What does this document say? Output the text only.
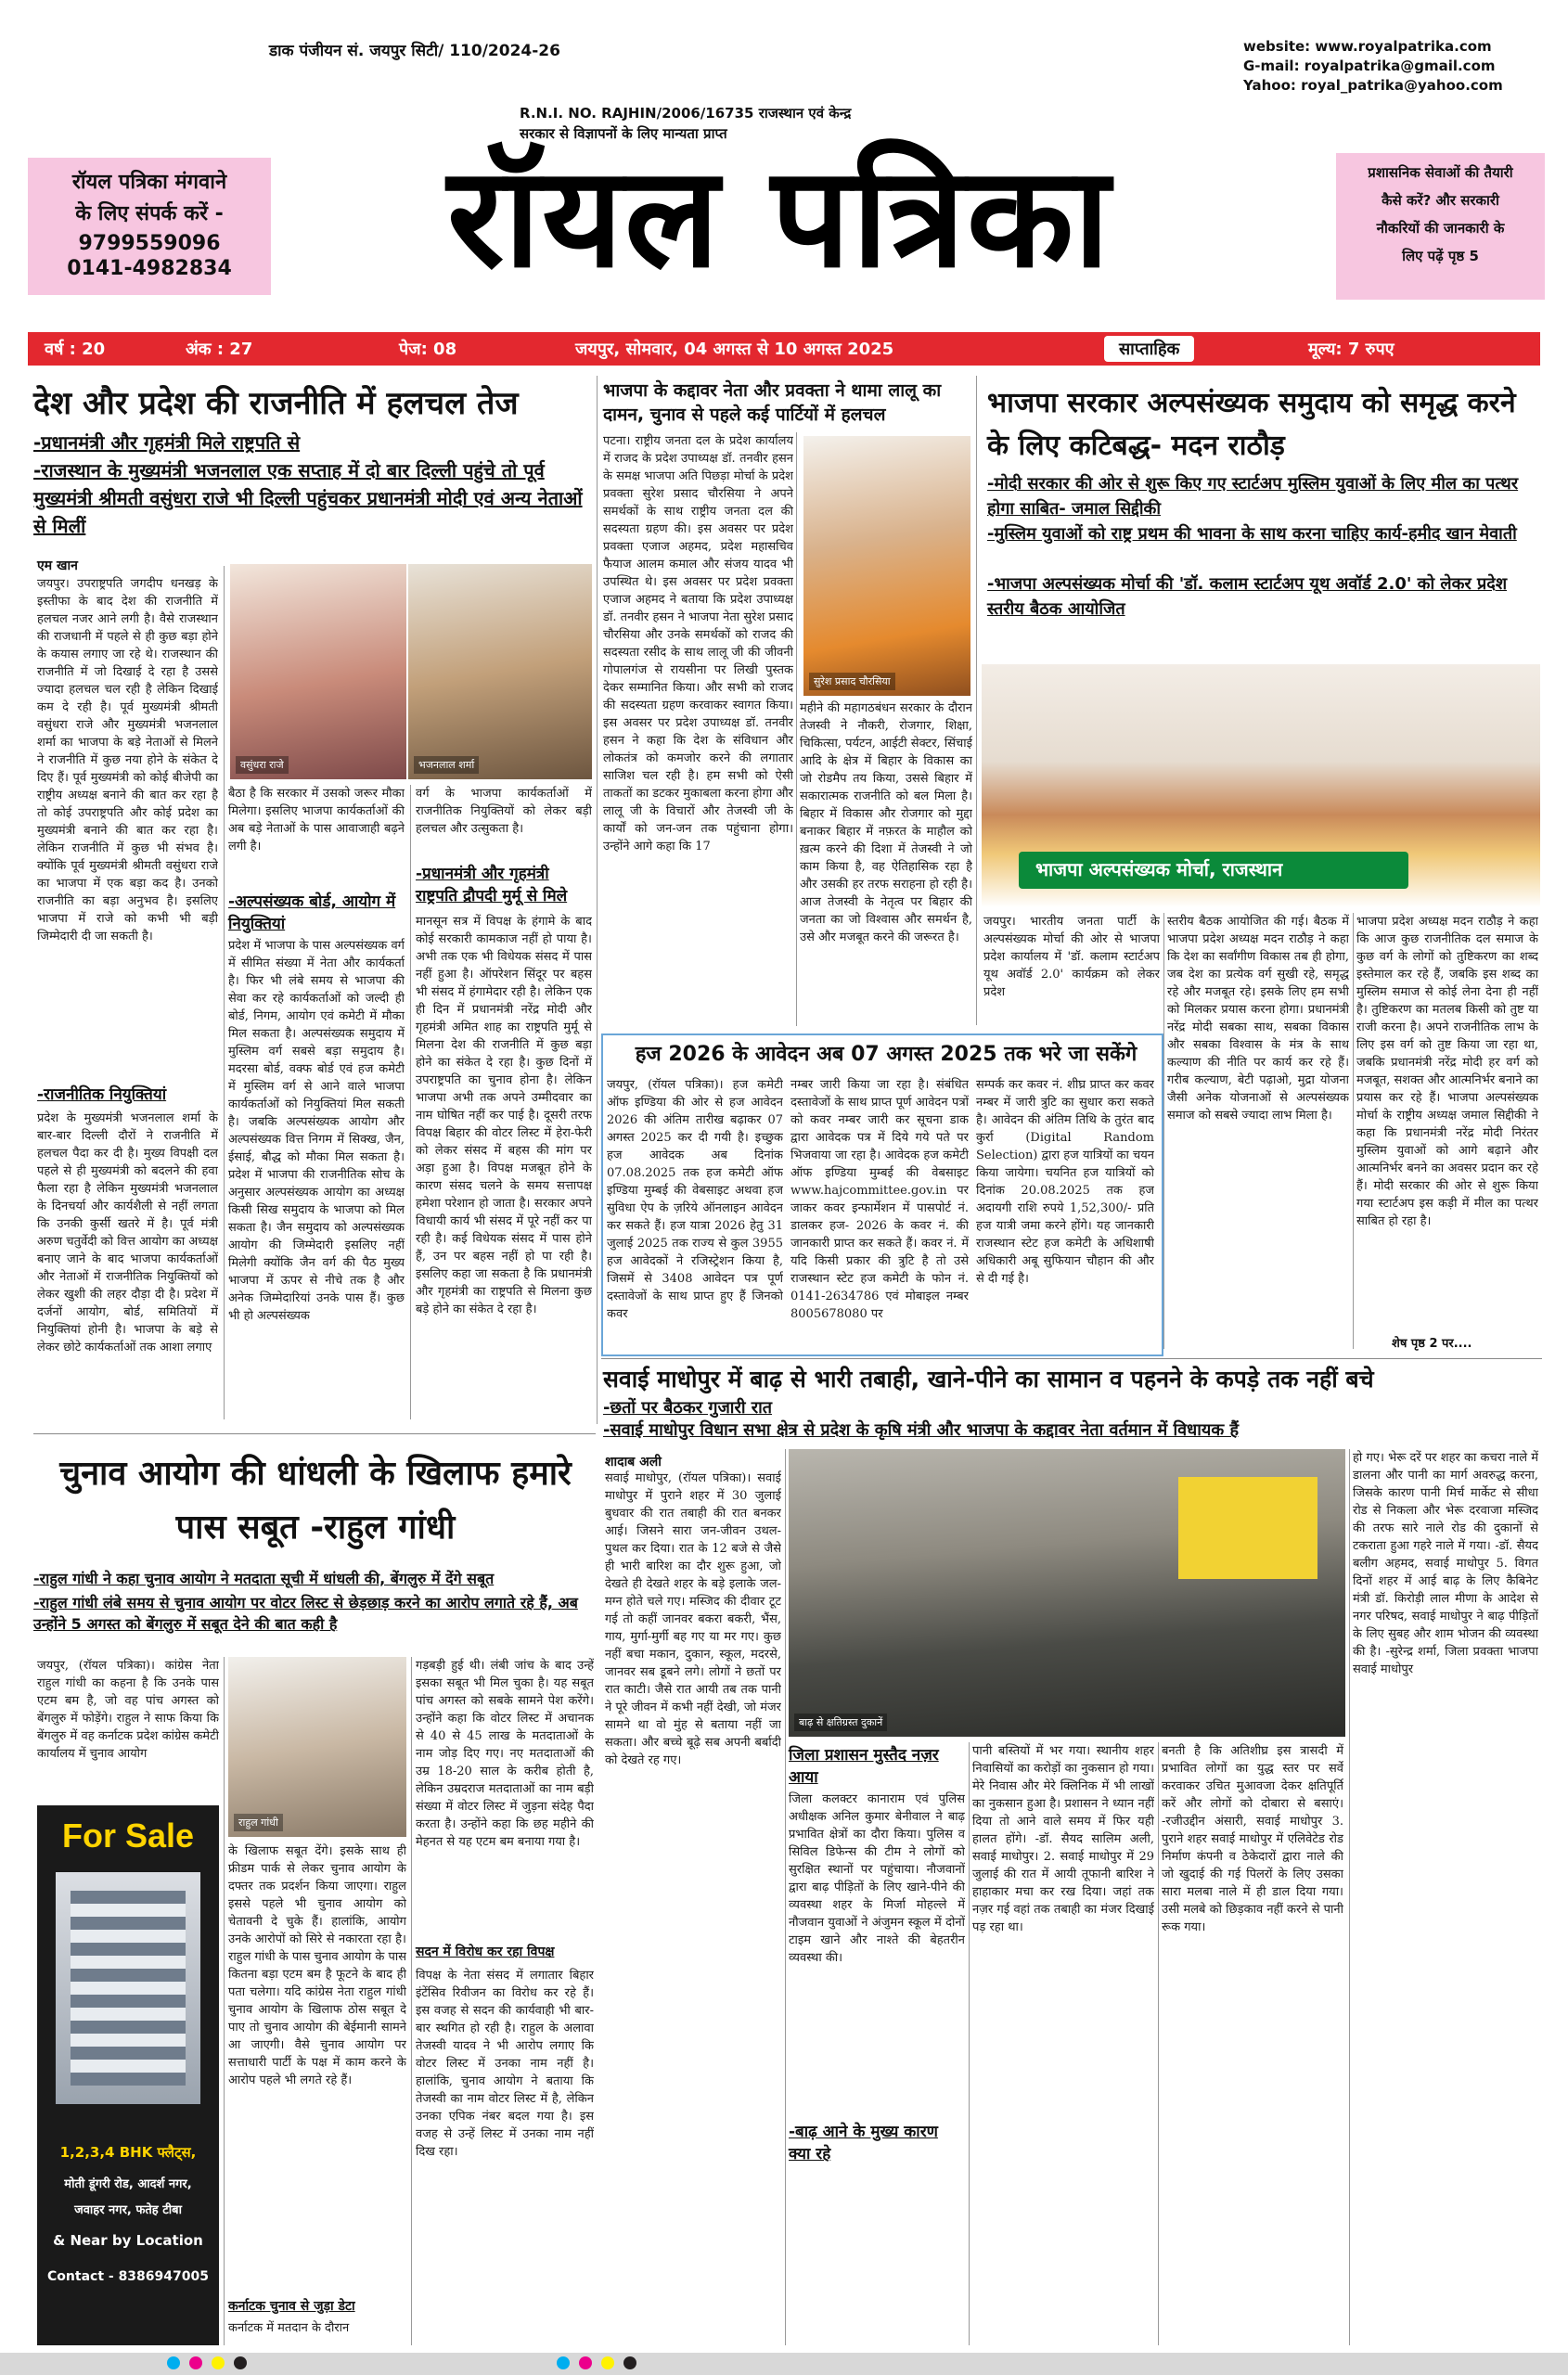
डाक पंजीयन सं. जयपुर सिटी/ 110/2024-26	website: www.royalpatrika.com
G-mail: royalpatrika@gmail.com
Yahoo: royal_patrika@yahoo.com
R.N.I. NO. RAJHIN/2006/16735 राजस्थान एवं केन्द्र
सरकार से विज्ञापनों के लिए मान्यता प्राप्त
रॉयल पत्रिका मंगवाने
के लिए संपर्क करें -
9799559096
0141-4982834	रॉयल पत्रिका	प्रशासनिक सेवाओं की तैयारी
कैसे करें? और सरकारी
नौकरियों की जानकारी के
लिए पढ़ें पृष्ठ 5
वर्ष : 20	अंक : 27	पेज: 08	जयपुर, सोमवार, 04 अगस्त से 10 अगस्त 2025	साप्ताहिक	मूल्य: 7 रुपए
देश और प्रदेश की राजनीति में हलचल तेज
-प्रधानमंत्री और गृहमंत्री मिले राष्ट्रपति से
-राजस्थान के मुख्यमंत्री भजनलाल एक सप्ताह में दो बार दिल्ली पहुंचे तो पूर्व मुख्यमंत्री श्रीमती वसुंधरा राजे भी दिल्ली पहुंचकर प्रधानमंत्री मोदी एवं अन्य नेताओं से मिलीं
एम खान
जयपुर। उपराष्ट्रपति जगदीप धनखड़ के इस्तीफा के बाद देश की राजनीति में हलचल नजर आने लगी है। वैसे राजस्थान की राजधानी में पहले से ही कुछ बड़ा होने के कयास लगाए जा रहे थे। राजस्थान की राजनीति में जो दिखाई दे रहा है उससे ज्यादा हलचल चल रही है लेकिन दिखाई कम दे रही है। पूर्व मुख्यमंत्री श्रीमती वसुंधरा राजे और मुख्यमंत्री भजनलाल शर्मा का भाजपा के बड़े नेताओं से मिलने ने राजनीति में कुछ नया होने के संकेत दे दिए हैं। पूर्व मुख्यमंत्री को कोई बीजेपी का राष्ट्रीय अध्यक्ष बनाने की बात कर रहा है तो कोई उपराष्ट्रपति और कोई प्रदेश का मुख्यमंत्री बनाने की बात कर रहा है। लेकिन राजनीति में कुछ भी संभव है। क्योंकि पूर्व मुख्यमंत्री श्रीमती वसुंधरा राजे का भाजपा में एक बड़ा कद है। उनको राजनीति का बड़ा अनुभव है। इसलिए भाजपा में राजे को कभी भी बड़ी जिम्मेदारी दी जा सकती है।
-राजनीतिक नियुक्तियां
प्रदेश के मुख्यमंत्री भजनलाल शर्मा के बार-बार दिल्ली दौरों ने राजनीति में हलचल पैदा कर दी है। मुख्य विपक्षी दल पहले से ही मुख्यमंत्री को बदलने की हवा फैला रहा है लेकिन मुख्यमंत्री भजनलाल के दिनचर्या और कार्यशैली से नहीं लगता कि उनकी कुर्सी खतरे में है। पूर्व मंत्री अरुण चतुर्वेदी को वित्त आयोग का अध्यक्ष बनाए जाने के बाद भाजपा कार्यकर्ताओं और नेताओं में राजनीतिक नियुक्तियों को लेकर खुशी की लहर दौड़ा दी है। प्रदेश में दर्जनों आयोग, बोर्ड, समितियों में नियुक्तियां होनी है। भाजपा के बड़े से लेकर छोटे कार्यकर्ताओं तक आशा लगाए
वसुंधरा राजे	भजनलाल शर्मा
बैठा है कि सरकार में उसको जरूर मौका मिलेगा। इसलिए भाजपा कार्यकर्ताओं की अब बड़े नेताओं के पास आवाजाही बढ़ने लगी है।
-अल्पसंख्यक बोर्ड, आयोग में नियुक्तियां
प्रदेश में भाजपा के पास अल्पसंख्यक वर्ग में सीमित संख्या में नेता और कार्यकर्ता है। फिर भी लंबे समय से भाजपा की सेवा कर रहे कार्यकर्ताओं को जल्दी ही बोर्ड, निगम, आयोग एवं कमेटी में मौका मिल सकता है। अल्पसंख्यक समुदाय में मुस्लिम वर्ग सबसे बड़ा समुदाय है। मदरसा बोर्ड, वक्फ बोर्ड एवं हज कमेटी में मुस्लिम वर्ग से आने वाले भाजपा कार्यकर्ताओं को नियुक्तियां मिल सकती है। जबकि अल्पसंख्यक आयोग और अल्पसंख्यक वित्त निगम में सिक्ख, जैन, ईसाई, बौद्ध को मौका मिल सकता है। प्रदेश में भाजपा की राजनीतिक सोच के अनुसार अल्पसंख्यक आयोग का अध्यक्ष किसी सिख समुदाय के भाजपा को मिल सकता है। जैन समुदाय को अल्पसंख्यक आयोग की जिम्मेदारी इसलिए नहीं मिलेगी क्योंकि जैन वर्ग की पैठ मुख्य भाजपा में ऊपर से नीचे तक है और अनेक जिम्मेदारियां उनके पास हैं। कुछ भी हो अल्पसंख्यक
वर्ग के भाजपा कार्यकर्ताओं में राजनीतिक नियुक्तियों को लेकर बड़ी हलचल और उत्सुकता है।
-प्रधानमंत्री और गृहमंत्री राष्ट्रपति द्रौपदी मुर्मू से मिले
मानसून सत्र में विपक्ष के हंगामे के बाद कोई सरकारी कामकाज नहीं हो पाया है। अभी तक एक भी विधेयक संसद में पास नहीं हुआ है। ऑपरेशन सिंदूर पर बहस भी संसद में हंगामेदार रही है। लेकिन एक ही दिन में प्रधानमंत्री नरेंद्र मोदी और गृहमंत्री अमित शाह का राष्ट्रपति मुर्मू से मिलना देश की राजनीति में कुछ बड़ा होने का संकेत दे रहा है। कुछ दिनों में उपराष्ट्रपति का चुनाव होना है। लेकिन भाजपा अभी तक अपने उम्मीदवार का नाम घोषित नहीं कर पाई है। दूसरी तरफ विपक्ष बिहार की वोटर लिस्ट में हेरा-फेरी को लेकर संसद में बहस की मांग पर अड़ा हुआ है। विपक्ष मजबूत होने के कारण संसद चलने के समय सत्तापक्ष हमेशा परेशान हो जाता है। सरकार अपने विधायी कार्य भी संसद में पूरे नहीं कर पा रही है। कई विधेयक संसद में पास होने हैं, उन पर बहस नहीं हो पा रही है। इसलिए कहा जा सकता है कि प्रधानमंत्री और गृहमंत्री का राष्ट्रपति से मिलना कुछ बड़े होने का संकेत दे रहा है।
भाजपा के कद्दावर नेता और प्रवक्ता ने थामा लालू का दामन, चुनाव से पहले कई पार्टियों में हलचल
पटना। राष्ट्रीय जनता दल के प्रदेश कार्यालय में राजद के प्रदेश उपाध्यक्ष डॉ. तनवीर हसन के समक्ष भाजपा अति पिछड़ा मोर्चा के प्रदेश प्रवक्ता सुरेश प्रसाद चौरसिया ने अपने समर्थकों के साथ राष्ट्रीय जनता दल की सदस्यता ग्रहण की। इस अवसर पर प्रदेश प्रवक्ता एजाज अहमद, प्रदेश महासचिव फैयाज आलम कमाल और संजय यादव भी उपस्थित थे। इस अवसर पर प्रदेश प्रवक्ता एजाज अहमद ने बताया कि प्रदेश उपाध्यक्ष डॉ. तनवीर हसन ने भाजपा नेता सुरेश प्रसाद चौरसिया और उनके समर्थकों को राजद की सदस्यता रसीद के साथ लालू जी की जीवनी गोपालगंज से रायसीना पर लिखी पुस्तक देकर सम्मानित किया। और सभी को राजद की सदस्यता ग्रहण करवाकर स्वागत किया। इस अवसर पर प्रदेश उपाध्यक्ष डॉ. तनवीर हसन ने कहा कि देश के संविधान और लोकतंत्र को कमजोर करने की लगातार साजिश चल रही है। हम सभी को ऐसी ताकतों का डटकर मुकाबला करना होगा और लालू जी के विचारों और तेजस्वी जी के कार्यों को जन-जन तक पहुंचाना होगा। उन्होंने आगे कहा कि 17
सुरेश प्रसाद चौरसिया
महीने की महागठबंधन सरकार के दौरान तेजस्वी ने नौकरी, रोजगार, शिक्षा, चिकित्सा, पर्यटन, आईटी सेक्टर, सिंचाई आदि के क्षेत्र में बिहार के विकास का जो रोडमैप तय किया, उससे बिहार में सकारात्मक राजनीति को बल मिला है। बिहार में विकास और रोजगार को मुद्दा बनाकर बिहार में नफ़रत के माहौल को ख़त्म करने की दिशा में तेजस्वी ने जो काम किया है, वह ऐतिहासिक रहा है और उसकी हर तरफ सराहना हो रही है। आज तेजस्वी के नेतृत्व पर बिहार की जनता का जो विश्वास और समर्थन है, उसे और मजबूत करने की जरूरत है।
भाजपा सरकार अल्पसंख्यक समुदाय को समृद्ध करने के लिए कटिबद्ध- मदन राठौड़
-मोदी सरकार की ओर से शुरू किए गए स्टार्टअप मुस्लिम युवाओं के लिए मील का पत्थर होगा साबित- जमाल सिद्दीकी
-मुस्लिम युवाओं को राष्ट्र प्रथम की भावना के साथ करना चाहिए कार्य-हमीद खान मेवाती
-भाजपा अल्पसंख्यक मोर्चा की 'डॉ. कलाम स्टार्टअप यूथ अवॉर्ड 2.0' को लेकर प्रदेश स्तरीय बैठक आयोजित
भाजपा अल्पसंख्यक मोर्चा, राजस्थान
जयपुर। भारतीय जनता पार्टी के अल्पसंख्यक मोर्चा की ओर से भाजपा प्रदेश कार्यालय में 'डॉ. कलाम स्टार्टअप यूथ अवॉर्ड 2.0' कार्यक्रम को लेकर प्रदेश
स्तरीय बैठक आयोजित की गई। बैठक में भाजपा प्रदेश अध्यक्ष मदन राठौड़ ने कहा कि देश का सर्वांगीण विकास तब ही होगा, जब देश का प्रत्येक वर्ग सुखी रहे, समृद्ध रहे और मजबूत रहे। इसके लिए हम सभी को मिलकर प्रयास करना होगा। प्रधानमंत्री नरेंद्र मोदी सबका साथ, सबका विकास और सबका विश्वास के मंत्र के साथ कल्याण की नीति पर कार्य कर रहे हैं। गरीब कल्याण, बेटी पढ़ाओ, मुद्रा योजना जैसी अनेक योजनाओं से अल्पसंख्यक समाज को सबसे ज्यादा लाभ मिला है।
भाजपा प्रदेश अध्यक्ष मदन राठौड़ ने कहा कि आज कुछ राजनीतिक दल समाज के कुछ वर्ग के लोगों को तुष्टिकरण का शब्द इस्तेमाल कर रहे हैं, जबकि इस शब्द का मुस्लिम समाज से कोई लेना देना ही नहीं है। तुष्टिकरण का मतलब किसी को तुष्ट या राजी करना है। अपने राजनीतिक लाभ के लिए इस वर्ग को तुष्ट किया जा रहा था, जबकि प्रधानमंत्री नरेंद्र मोदी हर वर्ग को मजबूत, सशक्त और आत्मनिर्भर बनाने का प्रयास कर रहे हैं। भाजपा अल्पसंख्यक मोर्चा के राष्ट्रीय अध्यक्ष जमाल सिद्दीकी ने कहा कि प्रधानमंत्री नरेंद्र मोदी निरंतर मुस्लिम युवाओं को आगे बढ़ाने और आत्मनिर्भर बनने का अवसर प्रदान कर रहे हैं। मोदी सरकार की ओर से शुरू किया गया स्टार्टअप इस कड़ी में मील का पत्थर साबित हो रहा है।
शेष पृष्ठ 2 पर....
हज 2026 के आवेदन अब 07 अगस्त 2025 तक भरे जा सकेंगे
जयपुर, (रॉयल पत्रिका)। हज कमेटी ऑफ इण्डिया की ओर से हज आवेदन 2026 की अंतिम तारीख बढ़ाकर 07 अगस्त 2025 कर दी गयी है। इच्छुक हज आवेदक अब दिनांक 07.08.2025 तक हज कमेटी ऑफ इण्डिया मुम्बई की वेबसाइट अथवा हज सुविधा ऐप के ज़रिये ऑनलाइन आवेदन कर सकते हैं। हज यात्रा 2026 हेतु 31 जुलाई 2025 तक राज्य से कुल 3955 हज आवेदकों ने रजिस्ट्रेशन किया है, जिसमें से 3408 आवेदन पत्र पूर्ण दस्तावेजों के साथ प्राप्त हुए हैं जिनको कवर
नम्बर जारी किया जा रहा है। संबंधित दस्तावेजों के साथ प्राप्त पूर्ण आवेदन पत्रों को कवर नम्बर जारी कर सूचना डाक द्वारा आवेदक पत्र में दिये गये पते पर भिजवाया जा रहा है। आवेदक हज कमेटी ऑफ इण्डिया मुम्बई की वेबसाइट www.hajcommittee.gov.in पर जाकर कवर इन्फार्मेशन में पासपोर्ट नं. डालकर हज- 2026 के कवर नं. की जानकारी प्राप्त कर सकते हैं। कवर नं. में यदि किसी प्रकार की त्रुटि है तो उसे राजस्थान स्टेट हज कमेटी के फोन नं. 0141-2634786 एवं मोबाइल नम्बर 8005678080 पर
सम्पर्क कर कवर नं. शीघ्र प्राप्त कर कवर नम्बर में जारी त्रुटि का सुधार करा सकते है। आवेदन की अंतिम तिथि के तुरंत बाद कुर्रा (Digital Random Selection) द्वारा हज यात्रियों का चयन किया जायेगा। चयनित हज यात्रियों को दिनांक 20.08.2025 तक हज अदायगी राशि रुपये 1,52,300/- प्रति हज यात्री जमा करने होंगे। यह जानकारी राजस्थान स्टेट हज कमेटी के अधिशाषी अधिकारी अबू सुफियान चौहान की और से दी गई है।
सवाई माधोपुर में बाढ़ से भारी तबाही, खाने-पीने का सामान व पहनने के कपड़े तक नहीं बचे
-छतों पर बैठकर गुजारी रात
-सवाई माधोपुर विधान सभा क्षेत्र से प्रदेश के कृषि मंत्री और भाजपा के कद्दावर नेता वर्तमान में विधायक हैं
शादाब अली
सवाई माधोपुर, (रॉयल पत्रिका)। सवाई माधोपुर में पुराने शहर में 30 जुलाई बुधवार की रात तबाही की रात बनकर आई। जिसने सारा जन-जीवन उथल-पुथल कर दिया। रात के 12 बजे से जैसे ही भारी बारिश का दौर शुरू हुआ, जो देखते ही देखते शहर के बड़े इलाके जल-मग्न होते चले गए। मस्जिद की दीवार टूट गई तो कहीं जानवर बकरा बकरी, भैंस, गाय, मुर्गा-मुर्गी बह गए या मर गए। कुछ नहीं बचा मकान, दुकान, स्कूल, मदरसे, जानवर सब डूबने लगे। लोगों ने छतों पर रात काटी। जैसे रात आयी तब तक पानी ने पूरे जीवन में कभी नहीं देखी, जो मंजर सामने था वो मुंह से बताया नहीं जा सकता। और बच्चे बूढ़े सब अपनी बर्बादी को देखते रह गए।
बाढ़ से क्षतिग्रस्त दुकानें
जिला प्रशासन मुस्तैद नज़र आया
जिला कलक्टर कानाराम एवं पुलिस अधीक्षक अनिल कुमार बेनीवाल ने बाढ़ प्रभावित क्षेत्रों का दौरा किया। पुलिस व सिविल डिफेन्स की टीम ने लोगों को सुरक्षित स्थानों पर पहुंचाया। नौजवानों द्वारा बाढ़ पीड़ितों के लिए खाने-पीने की व्यवस्था शहर के मिर्जा मोहल्ले में नौजवान युवाओं ने अंजुमन स्कूल में दोनों टाइम खाने और नाश्ते की बेहतरीन व्यवस्था की।
-बाढ़ आने के मुख्य कारण क्या रहे
पानी बस्तियों में भर गया। स्थानीय शहर निवासियों का करोड़ों का नुकसान हो गया। मेरे निवास और मेरे क्लिनिक में भी लाखों का नुकसान हुआ है। प्रशासन ने ध्यान नहीं दिया तो आने वाले समय में फिर यही हालत होंगे। -डॉ. सैयद सालिम अली, सवाई माधोपुर। 2. सवाई माधोपुर में 29 जुलाई की रात में आयी तूफानी बारिश ने हाहाकार मचा कर रख दिया। जहां तक नज़र गई वहां तक तबाही का मंजर दिखाई पड़ रहा था।
बनती है कि अतिशीघ्र इस त्रासदी में प्रभावित लोगों का युद्ध स्तर पर सर्वे करवाकर उचित मुआवजा देकर क्षतिपूर्ति करें और लोगों को दोबारा से बसाएं। -रजीउद्दीन अंसारी, सवाई माधोपुर 3. पुराने शहर सवाई माधोपुर में एलिवेटेड रोड निर्माण कंपनी व ठेकेदारों द्वारा नाले की जो खुदाई की गई पिलरों के लिए उसका सारा मलबा नाले में ही डाल दिया गया। उसी मलबे को छिड़काव नहीं करने से पानी रूक गया।
हो गए। भेरू दरें पर शहर का कचरा नाले में डालना और पानी का मार्ग अवरुद्ध करना, जिसके कारण पानी मिर्च मार्केट से सीधा रोड से निकला और भेरू दरवाजा मस्जिद की तरफ सारे नाले रोड की दुकानों से टकराता हुआ गहरे नाले में गया। -डॉ. सैयद बलीग अहमद, सवाई माधोपुर 5. विगत दिनों शहर में आई बाढ़ के लिए कैबिनेट मंत्री डॉ. किरोड़ी लाल मीणा के आदेश से नगर परिषद, सवाई माधोपुर ने बाढ़ पीड़ितों के लिए सुबह और शाम भोजन की व्यवस्था की है। -सुरेन्द्र शर्मा, जिला प्रवक्ता भाजपा सवाई माधोपुर
चुनाव आयोग की धांधली के खिलाफ हमारे पास सबूत -राहुल गांधी
-राहुल गांधी ने कहा चुनाव आयोग ने मतदाता सूची में धांधली की, बेंगलुरु में देंगे सबूत
-राहुल गांधी लंबे समय से चुनाव आयोग पर वोटर लिस्ट से छेड़छाड़ करने का आरोप लगाते रहे हैं, अब उन्होंने 5 अगस्त को बेंगलुरु में सबूत देने की बात कही है
जयपुर, (रॉयल पत्रिका)। कांग्रेस नेता राहुल गांधी का कहना है कि उनके पास एटम बम है, जो वह पांच अगस्त को बेंगलुरु में फोड़ेंगे। राहुल ने साफ किया कि बेंगलुरु में वह कर्नाटक प्रदेश कांग्रेस कमेटी कार्यालय में चुनाव आयोग
For Sale
1,2,3,4 BHK फ्लैट्स,
मोती डूंगरी रोड, आदर्श नगर,
जवाहर नगर, फतेह टीबा
& Near by Location
Contact - 8386947005
राहुल गांधी
के खिलाफ सबूत देंगे। इसके साथ ही फ्रीडम पार्क से लेकर चुनाव आयोग के दफ्तर तक प्रदर्शन किया जाएगा। राहुल इससे पहले भी चुनाव आयोग को चेतावनी दे चुके हैं। हालांकि, आयोग उनके आरोपों को सिरे से नकारता रहा है। राहुल गांधी के पास चुनाव आयोग के पास कितना बड़ा एटम बम है फूटने के बाद ही पता चलेगा। यदि कांग्रेस नेता राहुल गांधी चुनाव आयोग के खिलाफ ठोस सबूत दे पाए तो चुनाव आयोग की बेईमानी सामने आ जाएगी। वैसे चुनाव आयोग पर सत्ताधारी पार्टी के पक्ष में काम करने के आरोप पहले भी लगते रहे हैं।
कर्नाटक चुनाव से जुड़ा डेटा
कर्नाटक में मतदान के दौरान
गड़बड़ी हुई थी। लंबी जांच के बाद उन्हें इसका सबूत भी मिल चुका है। यह सबूत पांच अगस्त को सबके सामने पेश करेंगे। उन्होंने कहा कि वोटर लिस्ट में अचानक से 40 से 45 लाख के मतदाताओं के नाम जोड़ दिए गए। नए मतदाताओं की उम्र 18-20 साल के करीब होती है, लेकिन उम्रदराज मतदाताओं का नाम बड़ी संख्या में वोटर लिस्ट में जुड़ना संदेह पैदा करता है। उन्होंने कहा कि छह महीने की मेहनत से यह एटम बम बनाया गया है।
सदन में विरोध कर रहा विपक्ष
विपक्ष के नेता संसद में लगातार बिहार इंटेंसिव रिवीजन का विरोध कर रहे हैं। इस वजह से सदन की कार्यवाही भी बार-बार स्थगित हो रही है। राहुल के अलावा तेजस्वी यादव ने भी आरोप लगाए कि वोटर लिस्ट में उनका नाम नहीं है। हालांकि, चुनाव आयोग ने बताया कि तेजस्वी का नाम वोटर लिस्ट में है, लेकिन उनका एपिक नंबर बदल गया है। इस वजह से उन्हें लिस्ट में उनका नाम नहीं दिख रहा।
